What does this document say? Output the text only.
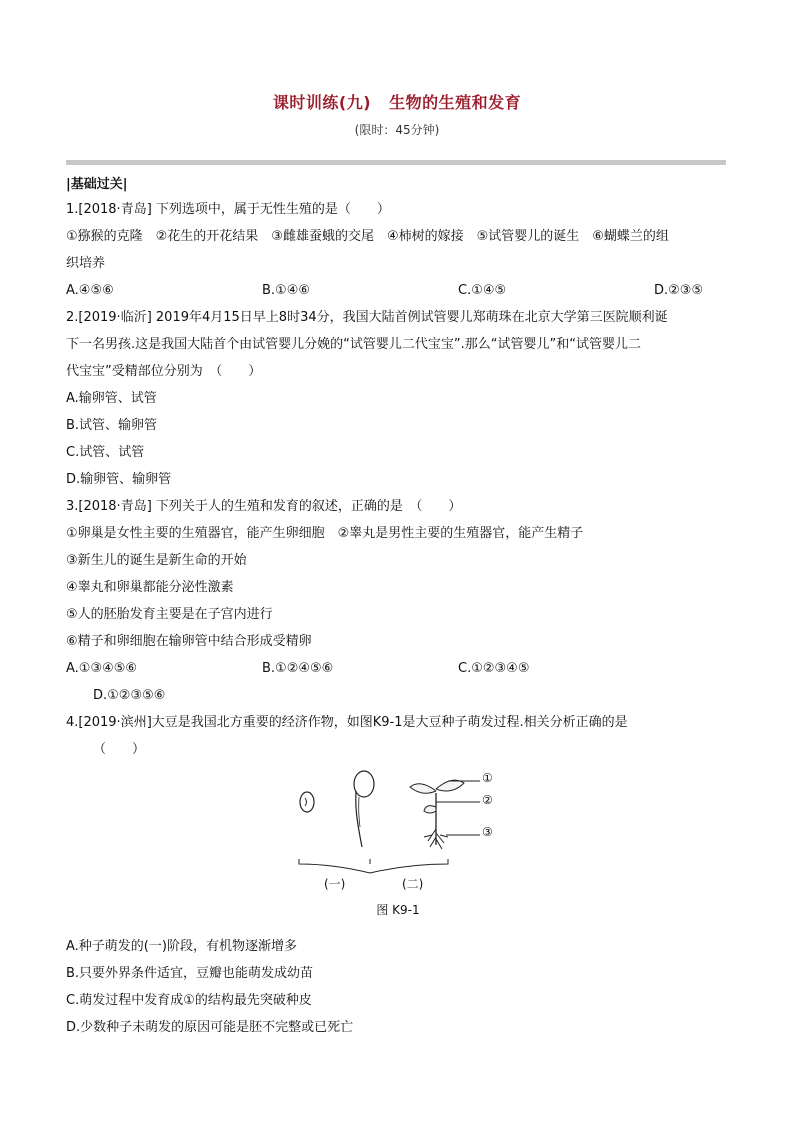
课时训练(九) 生物的生殖和发育
(限时：45分钟)
|基础过关|
1.[2018·青岛] 下列选项中，属于无性生殖的是（　　）
①猕猴的克隆　②花生的开花结果　③雌雄蚕蛾的交尾　④柿树的嫁接　⑤试管婴儿的诞生　⑥蝴蝶兰的组
织培养
A.④⑤⑥	B.①④⑥	C.①④⑤	D.②③⑤
2.[2019·临沂] 2019年4月15日早上8时34分，我国大陆首例试管婴儿郑萌珠在北京大学第三医院顺利诞
下一名男孩.这是我国大陆首个由试管婴儿分娩的“试管婴儿二代宝宝”.那么“试管婴儿”和“试管婴儿二
代宝宝”受精部位分别为　（　　）
A.输卵管、试管
B.试管、输卵管
C.试管、试管
D.输卵管、输卵管
3.[2018·青岛] 下列关于人的生殖和发育的叙述，正确的是　（　　）
①卵巢是女性主要的生殖器官，能产生卵细胞　②睾丸是男性主要的生殖器官，能产生精子
③新生儿的诞生是新生命的开始
④睾丸和卵巢都能分泌性激素
⑤人的胚胎发育主要是在子宫内进行
⑥精子和卵细胞在输卵管中结合形成受精卵
A.①③④⑤⑥	B.①②④⑤⑥	C.①②③④⑤
D.①②③⑤⑥
4.[2019·滨州]大豆是我国北方重要的经济作物，如图K9-1是大豆种子萌发过程.相关分析正确的是
（　　）
①
②
③
(一)	(二)
图 K9-1
A.种子萌发的(一)阶段，有机物逐渐增多
B.只要外界条件适宜，豆瓣也能萌发成幼苗
C.萌发过程中发育成①的结构最先突破种皮
D.少数种子未萌发的原因可能是胚不完整或已死亡
